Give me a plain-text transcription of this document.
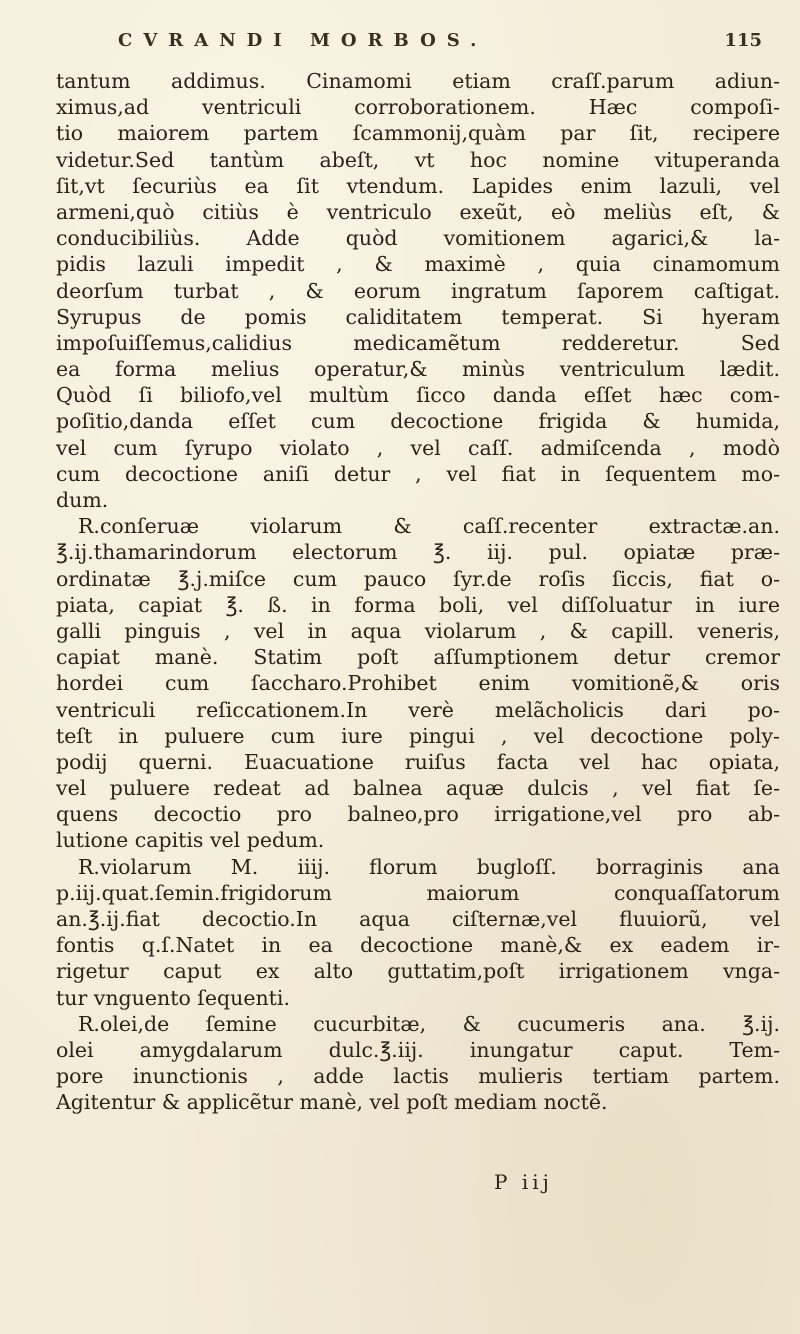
CVRANDI MORBOS.	115
tantum addimus. Cinamomi etiam craſſ.parum adiun-
ximus,ad ventriculi corroborationem. Hæc compoſi-
tio maiorem partem ſcammonij,quàm par ſit, recipere
videtur.Sed tantùm abeſt, vt hoc nomine vituperanda
ſit,vt ſecuriùs ea ſit vtendum. Lapides enim lazuli, vel
armeni,quò citiùs è ventriculo exeũt, eò meliùs eſt, &
conducibiliùs. Adde quòd vomitionem agarici,& la-
pidis lazuli impedit , & maximè , quia cinamomum
deorſum turbat , & eorum ingratum ſaporem caſtigat.
Syrupus de pomis caliditatem temperat. Si hyeram
impoſuiſſemus,calidius medicamẽtum redderetur. Sed
ea forma melius operatur,& minùs ventriculum lædit.
Quòd ſi biliofo,vel multùm ſicco danda eſſet hæc com-
poſitio,danda eſſet cum decoctione frigida & humida,
vel cum ſyrupo violato , vel caſſ. admiſcenda , modò
cum decoctione aniſi detur , vel fiat in ſequentem mo-
dum.
R.conſeruæ violarum & caſſ.recenter extractæ.an.
℥.ij.thamarindorum electorum ℥. iij. pul. opiatæ præ-
ordinatæ ℥.j.miſce cum pauco ſyr.de roſis ſiccis, fiat o-
piata, capiat ℥. ß. in forma boli, vel diſſoluatur in iure
galli pinguis , vel in aqua violarum , & capill. veneris,
capiat manè. Statim poſt aſſumptionem detur cremor
hordei cum ſaccharo.Prohibet enim vomitionẽ,& oris
ventriculi reſiccationem.In verè melãcholicis dari po-
teſt in puluere cum iure pingui , vel decoctione poly-
podij querni. Euacuatione ruiſus facta vel hac opiata,
vel puluere redeat ad balnea aquæ dulcis , vel fiat ſe-
quens decoctio pro balneo,pro irrigatione,vel pro ab-
lutione capitis vel pedum.
R.violarum M. iiij. florum bugloſſ. borraginis ana
p.iij.quat.ſemin.frigidorum maiorum conquaſſatorum
an.℥.ij.fiat decoctio.In aqua ciſternæ,vel fluuiorũ, vel
fontis q.ſ.Natet in ea decoctione manè,& ex eadem ir-
rigetur caput ex alto guttatim,poſt irrigationem vnga-
tur vnguento ſequenti.
R.olei,de ſemine cucurbitæ, & cucumeris ana. ℥.ij.
olei amygdalarum dulc.℥.iij. inungatur caput. Tem-
pore inunctionis , adde lactis mulieris tertiam partem.
Agitentur & applicẽtur manè, vel poſt mediam noctẽ.
P iij
